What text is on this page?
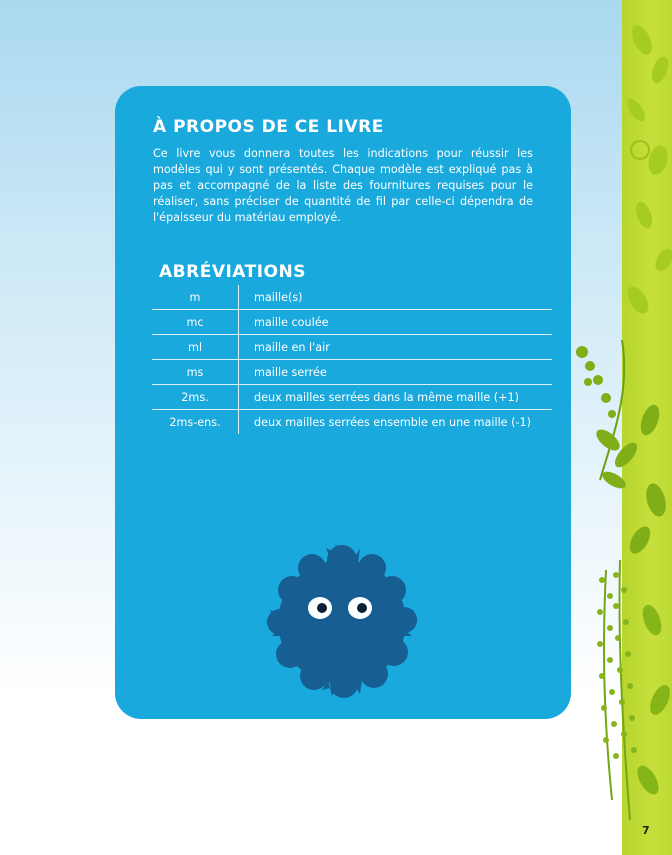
À PROPOS DE CE LIVRE

Ce livre vous donnera toutes les indications pour réussir les modèles qui y sont présentés. Chaque modèle est expliqué pas à pas et accompagné de la liste des fournitures requises pour le réaliser, sans préciser de quantité de fil par celle-ci dépendra de l'épaisseur du matériau employé.

ABRÉVIATIONS
m	maille(s)
mc	maille coulée
ml	maille en l'air
ms	maille serrée
2ms.	deux mailles serrées dans la même maille (+1)
2ms-ens.	deux mailles serrées ensemble en une maille (-1)
7
